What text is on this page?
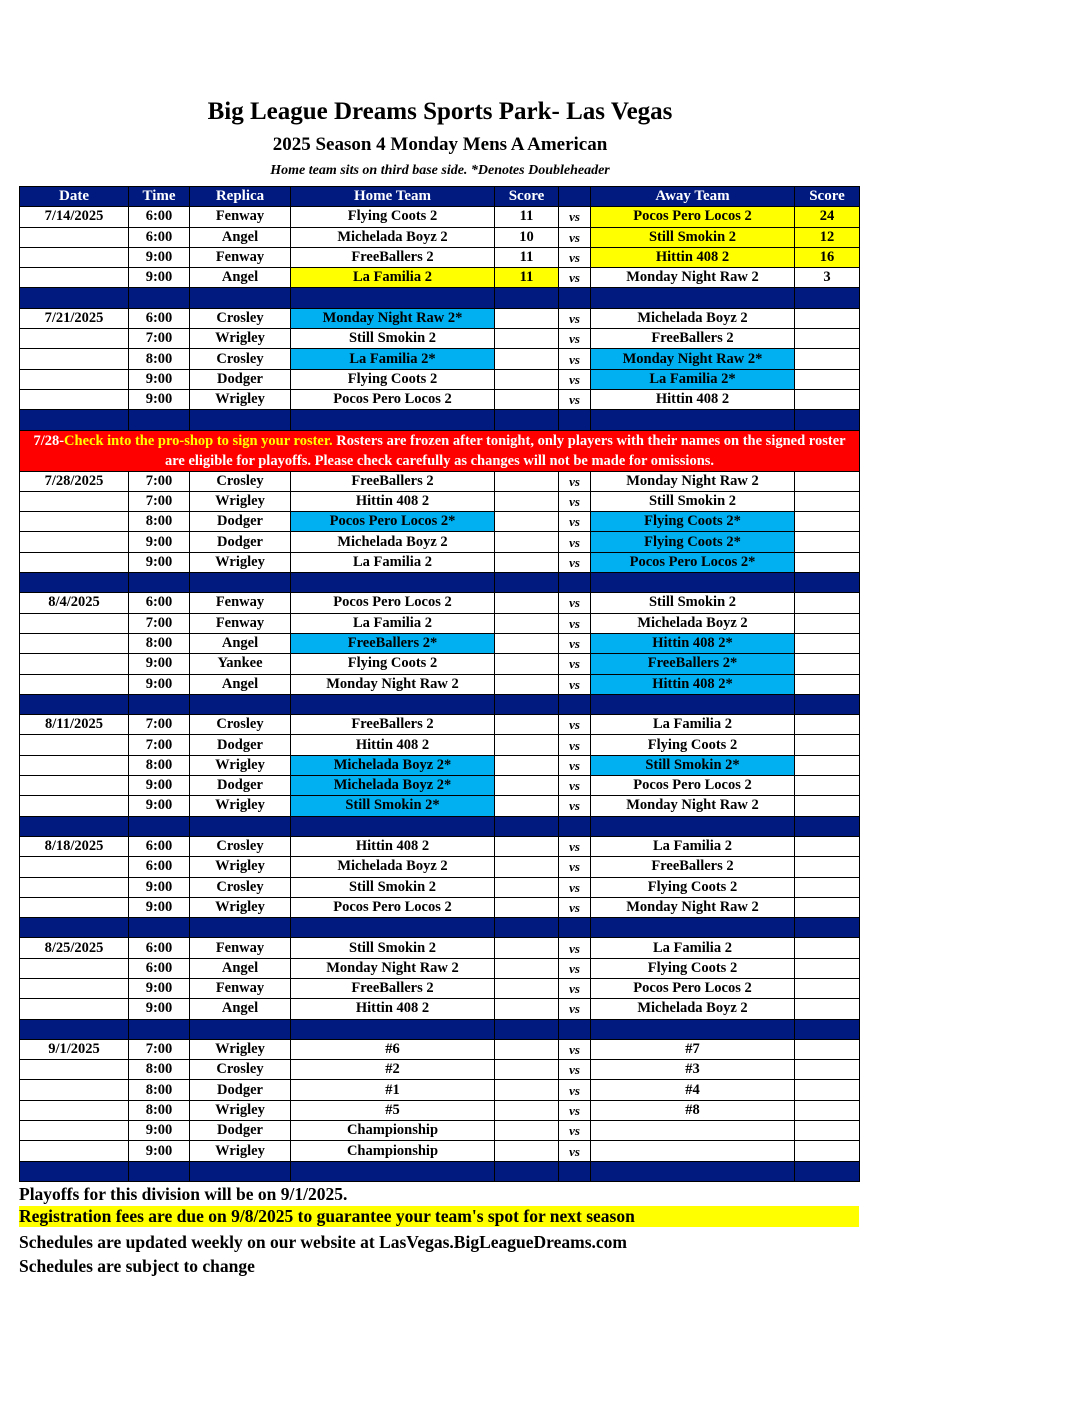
Big League Dreams Sports Park- Las Vegas
2025 Season 4 Monday Mens A American
Home team sits on third base side. *Denotes Doubleheader
Date	Time	Replica	Home Team	Score		Away Team	Score
7/14/2025	6:00	Fenway	Flying Coots 2	11	vs	Pocos Pero Locos 2	24
	6:00	Angel	Michelada Boyz 2	10	vs	Still Smokin 2	12
	9:00	Fenway	FreeBallers 2	11	vs	Hittin 408 2	16
	9:00	Angel	La Familia 2	11	vs	Monday Night Raw 2	3

7/21/2025	6:00	Crosley	Monday Night Raw 2*		vs	Michelada Boyz 2	
	7:00	Wrigley	Still Smokin 2		vs	FreeBallers 2	
	8:00	Crosley	La Familia 2*		vs	Monday Night Raw 2*	
	9:00	Dodger	Flying Coots 2		vs	La Familia 2*	
	9:00	Wrigley	Pocos Pero Locos 2		vs	Hittin 408 2	

7/28-Check into the pro-shop to sign your roster. Rosters are frozen after tonight, only players with their names on the signed roster are eligible for playoffs. Please check carefully as changes will not be made for omissions.							
7/28/2025	7:00	Crosley	FreeBallers 2		vs	Monday Night Raw 2	
	7:00	Wrigley	Hittin 408 2		vs	Still Smokin 2	
	8:00	Dodger	Pocos Pero Locos 2*		vs	Flying Coots 2*	
	9:00	Dodger	Michelada Boyz 2		vs	Flying Coots 2*	
	9:00	Wrigley	La Familia 2		vs	Pocos Pero Locos 2*	

8/4/2025	6:00	Fenway	Pocos Pero Locos 2		vs	Still Smokin 2	
	7:00	Fenway	La Familia 2		vs	Michelada Boyz 2	
	8:00	Angel	FreeBallers 2*		vs	Hittin 408 2*	
	9:00	Yankee	Flying Coots 2		vs	FreeBallers 2*	
	9:00	Angel	Monday Night Raw 2		vs	Hittin 408 2*	

8/11/2025	7:00	Crosley	FreeBallers 2		vs	La Familia 2	
	7:00	Dodger	Hittin 408 2		vs	Flying Coots 2	
	8:00	Wrigley	Michelada Boyz 2*		vs	Still Smokin 2*	
	9:00	Dodger	Michelada Boyz 2*		vs	Pocos Pero Locos 2	
	9:00	Wrigley	Still Smokin 2*		vs	Monday Night Raw 2	

8/18/2025	6:00	Crosley	Hittin 408 2		vs	La Familia 2	
	6:00	Wrigley	Michelada Boyz 2		vs	FreeBallers 2	
	9:00	Crosley	Still Smokin 2		vs	Flying Coots 2	
	9:00	Wrigley	Pocos Pero Locos 2		vs	Monday Night Raw 2	

8/25/2025	6:00	Fenway	Still Smokin 2		vs	La Familia 2	
	6:00	Angel	Monday Night Raw 2		vs	Flying Coots 2	
	9:00	Fenway	FreeBallers 2		vs	Pocos Pero Locos 2	
	9:00	Angel	Hittin 408 2		vs	Michelada Boyz 2	

9/1/2025	7:00	Wrigley	#6		vs	#7	
	8:00	Crosley	#2		vs	#3	
	8:00	Dodger	#1		vs	#4	
	8:00	Wrigley	#5		vs	#8	
	9:00	Dodger	Championship		vs		
	9:00	Wrigley	Championship		vs		

Playoffs for this division will be on 9/1/2025.
Registration fees are due on 9/8/2025 to guarantee your team's spot for next season
Schedules are updated weekly on our website at LasVegas.BigLeagueDreams.com
Schedules are subject to change
